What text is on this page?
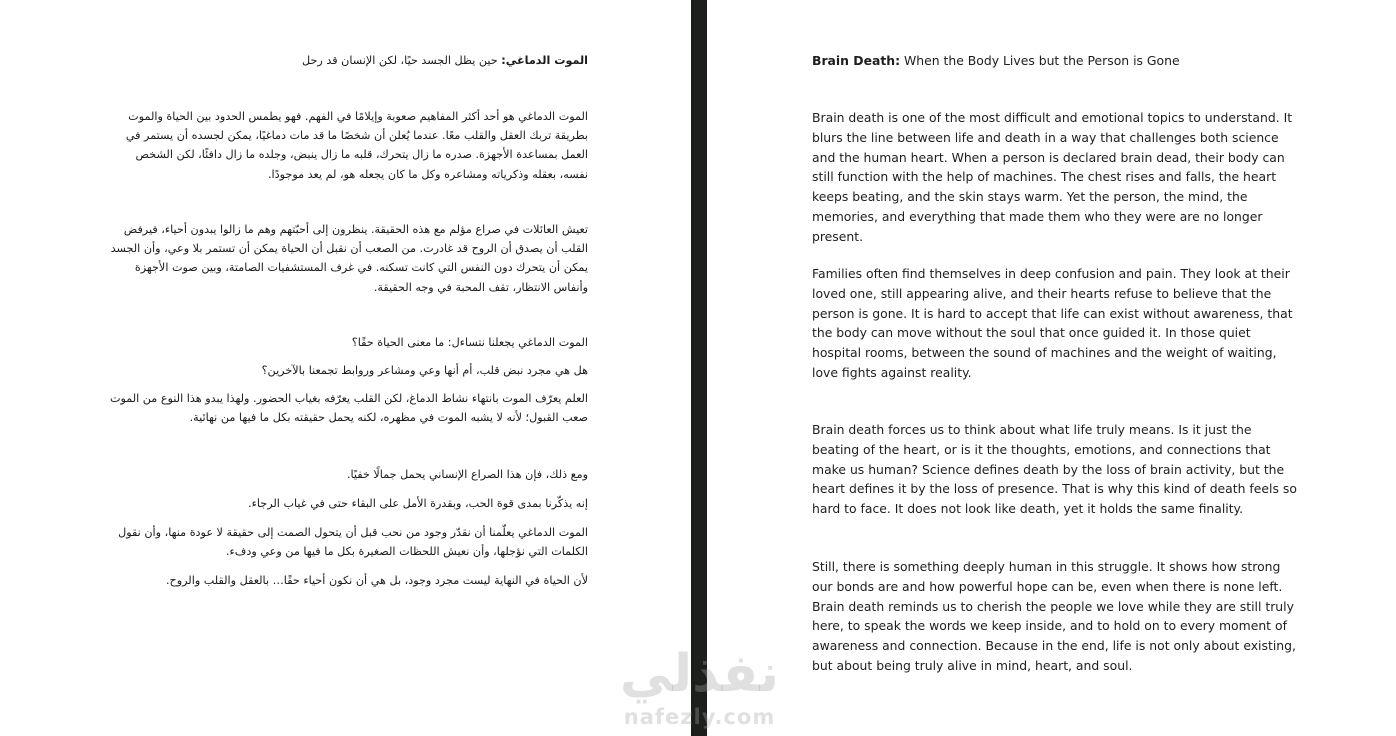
الموت الدماغي: حين يظل الجسد حيًا، لكن الإنسان قد رحل

الموت الدماغي هو أحد أكثر المفاهيم صعوبة وإيلامًا في الفهم. فهو يطمس الحدود بين الحياة والموت بطريقة تربك العقل والقلب معًا. عندما يُعلن أن شخصًا ما قد مات دماغيًا، يمكن لجسده أن يستمر في العمل بمساعدة الأجهزة. صدره ما زال يتحرك، قلبه ما زال ينبض، وجلده ما زال دافئًا، لكن الشخص نفسه، بعقله وذكرياته ومشاعره وكل ما كان يجعله هو، لم يعد موجودًا.

تعيش العائلات في صراع مؤلم مع هذه الحقيقة. ينظرون إلى أحبّتهم وهم ما زالوا يبدون أحياء، فيرفض القلب أن يصدق أن الروح قد غادرت. من الصعب أن نقبل أن الحياة يمكن أن تستمر بلا وعي، وأن الجسد يمكن أن يتحرك دون النفس التي كانت تسكنه. في غرف المستشفيات الصامتة، وبين صوت الأجهزة وأنفاس الانتظار، تقف المحبة في وجه الحقيقة.

الموت الدماغي يجعلنا نتساءل: ما معنى الحياة حقًا؟

هل هي مجرد نبض قلب، أم أنها وعي ومشاعر وروابط تجمعنا بالآخرين؟

العلم يعرّف الموت بانتهاء نشاط الدماغ، لكن القلب يعرّفه بغياب الحضور. ولهذا يبدو هذا النوع من الموت صعب القبول؛ لأنه لا يشبه الموت في مظهره، لكنه يحمل حقيقته بكل ما فيها من نهائية.

ومع ذلك، فإن هذا الصراع الإنساني يحمل جمالًا خفيًا.

إنه يذكّرنا بمدى قوة الحب، وبقدرة الأمل على البقاء حتى في غياب الرجاء.

الموت الدماغي يعلّمنا أن نقدّر وجود من نحب قبل أن يتحول الصمت إلى حقيقة لا عودة منها، وأن نقول الكلمات التي نؤجلها، وأن نعيش اللحظات الصغيرة بكل ما فيها من وعي ودفء.

لأن الحياة في النهاية ليست مجرد وجود، بل هي أن نكون أحياء حقًا… بالعقل والقلب والروح.

Brain Death: When the Body Lives but the Person is Gone

Brain death is one of the most difficult and emotional topics to understand. It blurs the line between life and death in a way that challenges both science and the human heart. When a person is declared brain dead, their body can still function with the help of machines. The chest rises and falls, the heart keeps beating, and the skin stays warm. Yet the person, the mind, the memories, and everything that made them who they were are no longer present.

Families often find themselves in deep confusion and pain. They look at their loved one, still appearing alive, and their hearts refuse to believe that the person is gone. It is hard to accept that life can exist without awareness, that the body can move without the soul that once guided it. In those quiet hospital rooms, between the sound of machines and the weight of waiting, love fights against reality.

Brain death forces us to think about what life truly means. Is it just the beating of the heart, or is it the thoughts, emotions, and connections that make us human? Science defines death by the loss of brain activity, but the heart defines it by the loss of presence. That is why this kind of death feels so hard to face. It does not look like death, yet it holds the same finality.

Still, there is something deeply human in this struggle. It shows how strong our bonds are and how powerful hope can be, even when there is none left. Brain death reminds us to cherish the people we love while they are still truly here, to speak the words we keep inside, and to hold on to every moment of awareness and connection. Because in the end, life is not only about existing, but about being truly alive in mind, heart, and soul.

نفذلي
nafezly.com
